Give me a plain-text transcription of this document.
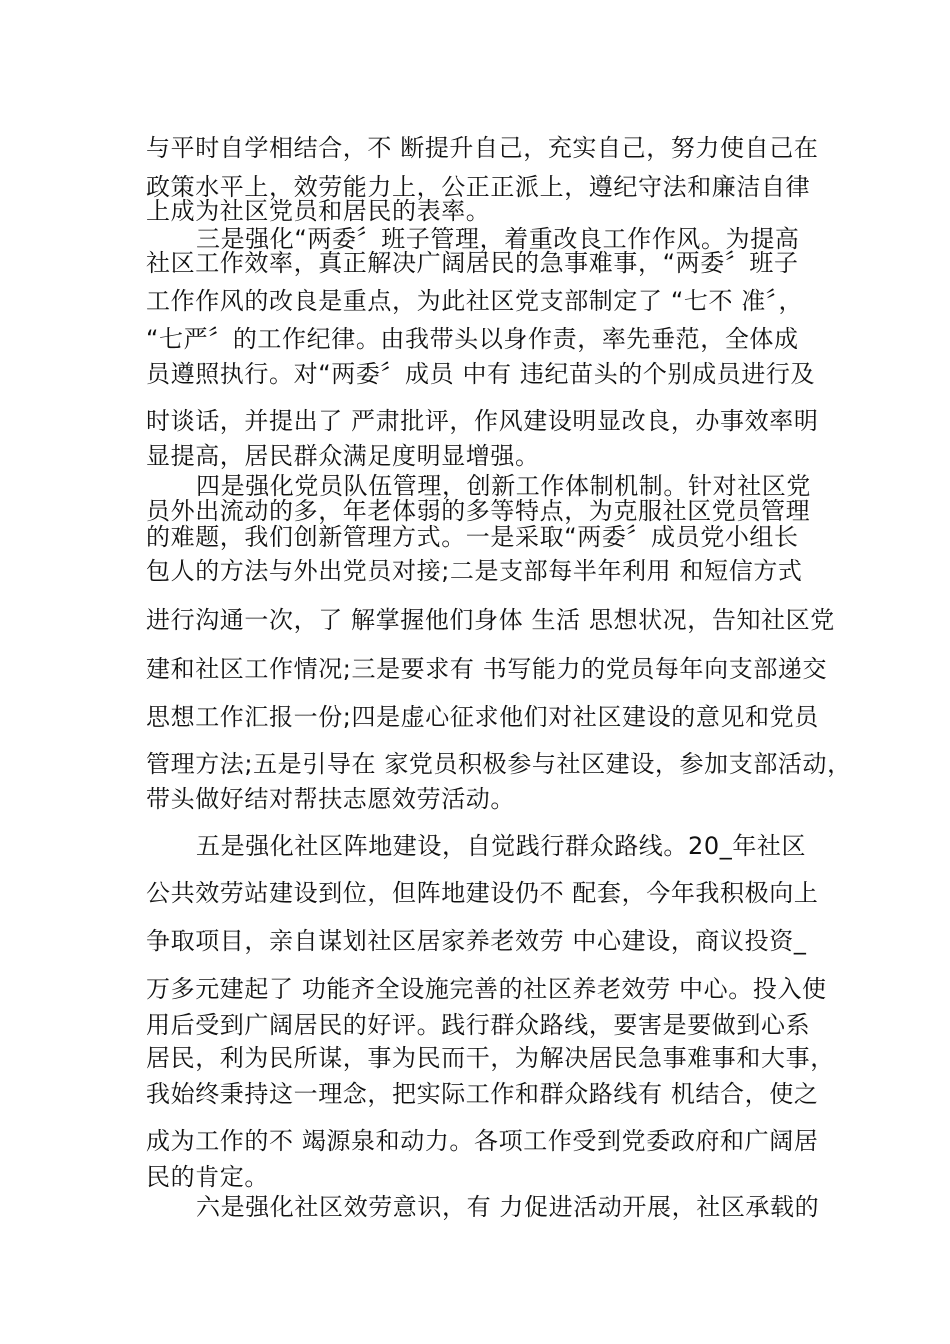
与平时自学相结合，不 断提升自己，充实自己，努力使自己在
政策水平上，效劳能力上，公正正派上，遵纪守法和廉洁自律
上成为社区党员和居民的表率。
三是强化“两委〞班子管理，着重改良工作作风。为提高
社区工作效率，真正解决广阔居民的急事难事，“两委〞班子
工作作风的改良是重点，为此社区党支部制定了 “七不 准〞，
“七严〞的工作纪律。由我带头以身作责，率先垂范，全体成
员遵照执行。对“两委〞成员 中有 违纪苗头的个别成员进行及
时谈话，并提出了 严肃批评，作风建设明显改良，办事效率明
显提高，居民群众满足度明显增强。
四是强化党员队伍管理，创新工作体制机制。针对社区党
员外出流动的多，年老体弱的多等特点，为克服社区党员管理
的难题，我们创新管理方式。一是采取“两委〞成员党小组长
包人的方法与外出党员对接;二是支部每半年利用 和短信方式
进行沟通一次，了 解掌握他们身体 生活 思想状况，告知社区党
建和社区工作情况;三是要求有 书写能力的党员每年向支部递交
思想工作汇报一份;四是虚心征求他们对社区建设的意见和党员
管理方法;五是引导在 家党员积极参与社区建设，参加支部活动，
带头做好结对帮扶志愿效劳活动。
五是强化社区阵地建设，自觉践行群众路线。20_年社区
公共效劳站建设到位，但阵地建设仍不 配套，今年我积极向上
争取项目，亲自谋划社区居家养老效劳 中心建设，商议投资_
万多元建起了 功能齐全设施完善的社区养老效劳 中心。投入使
用后受到广阔居民的好评。践行群众路线，要害是要做到心系
居民，利为民所谋，事为民而干，为解决居民急事难事和大事，
我始终秉持这一理念，把实际工作和群众路线有 机结合，使之
成为工作的不 竭源泉和动力。各项工作受到党委政府和广阔居
民的肯定。
六是强化社区效劳意识，有 力促进活动开展，社区承载的
